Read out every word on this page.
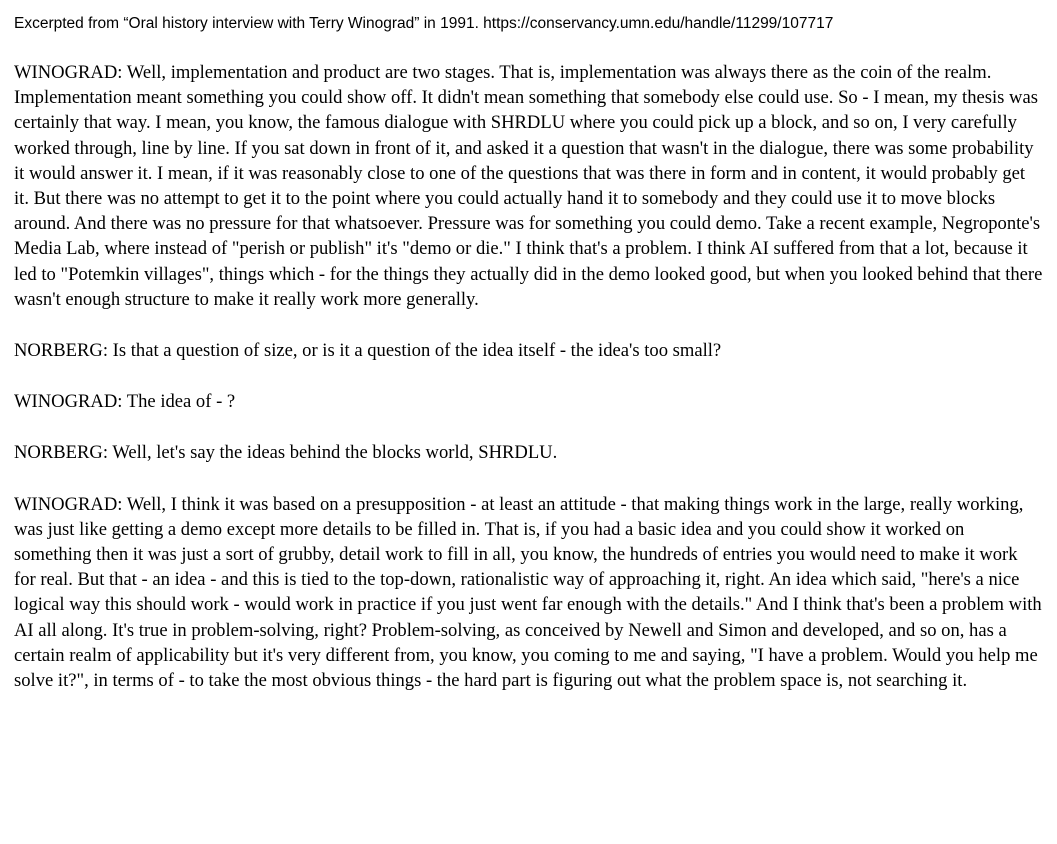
Excerpted from “Oral history interview with Terry Winograd” in 1991. https://conservancy.umn.edu/handle/11299/107717

WINOGRAD: Well, implementation and product are two stages. That is, implementation was always there as the coin of the realm. Implementation meant something you could show off. It didn't mean something that somebody else could use. So - I mean, my thesis was certainly that way. I mean, you know, the famous dialogue with SHRDLU where you could pick up a block, and so on, I very carefully worked through, line by line. If you sat down in front of it, and asked it a question that wasn't in the dialogue, there was some probability it would answer it. I mean, if it was reasonably close to one of the questions that was there in form and in content, it would probably get it. But there was no attempt to get it to the point where you could actually hand it to somebody and they could use it to move blocks around. And there was no pressure for that whatsoever. Pressure was for something you could demo. Take a recent example, Negroponte's Media Lab, where instead of "perish or publish" it's "demo or die." I think that's a problem. I think AI suffered from that a lot, because it led to "Potemkin villages", things which - for the things they actually did in the demo looked good, but when you looked behind that there wasn't enough structure to make it really work more generally.

NORBERG: Is that a question of size, or is it a question of the idea itself - the idea's too small?

WINOGRAD: The idea of - ?

NORBERG: Well, let's say the ideas behind the blocks world, SHRDLU.

WINOGRAD: Well, I think it was based on a presupposition - at least an attitude - that making things work in the large, really working, was just like getting a demo except more details to be filled in. That is, if you had a basic idea and you could show it worked on something then it was just a sort of grubby, detail work to fill in all, you know, the hundreds of entries you would need to make it work for real. But that - an idea - and this is tied to the top-down, rationalistic way of approaching it, right. An idea which said, "here's a nice logical way this should work - would work in practice if you just went far enough with the details." And I think that's been a problem with AI all along. It's true in problem-solving, right? Problem-solving, as conceived by Newell and Simon and developed, and so on, has a certain realm of applicability but it's very different from, you know, you coming to me and saying, "I have a problem. Would you help me solve it?", in terms of - to take the most obvious things - the hard part is figuring out what the problem space is, not searching it.
